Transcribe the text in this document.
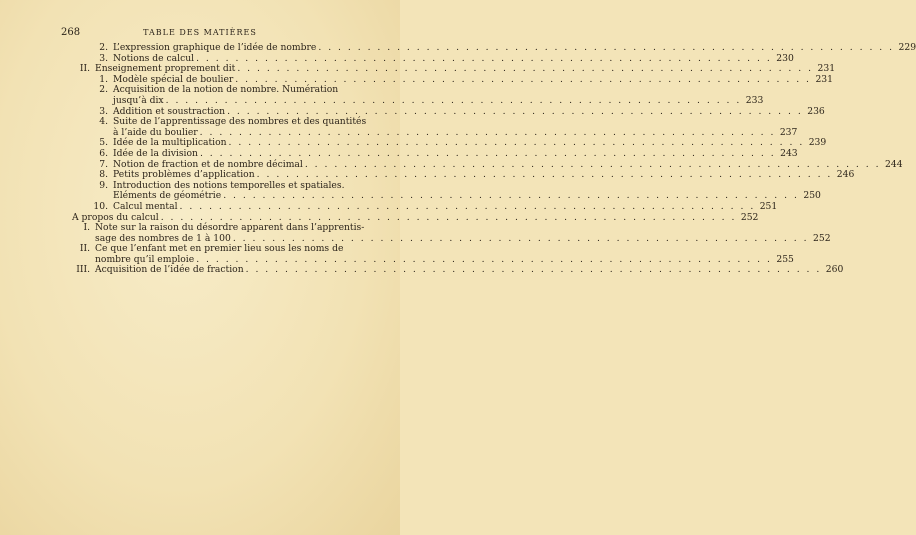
268	TABLE DES MATIÈRES
2. L’expression graphique de l’idée de nombre . . .	229
3. Notions de calcul . . .	230
II. Enseignement proprement dit . . .	231
1. Modèle spécial de boulier . . .	231
2. Acquisition de la notion de nombre. Numération
jusqu’à dix . . .	233
3. Addition et soustraction . . .	236
4. Suite de l’apprentissage des nombres et des quantités
à l’aide du boulier . . .	237
5. Idée de la multiplication . . .	239
6. Idée de la division . . .	243
7. Notion de fraction et de nombre décimal . . .	244
8. Petits problèmes d’application . . .	246
9. Introduction des notions temporelles et spatiales.
Eléments de géométrie . . .	250
10. Calcul mental . . .	251
A propos du calcul . . .	252
I. Note sur la raison du désordre apparent dans l’apprentis-
sage des nombres de 1 à 100 . . .	252
II. Ce que l’enfant met en premier lieu sous les noms de
nombre qu’il emploie . . .	255
III. Acquisition de l’idée de fraction . . .	260
